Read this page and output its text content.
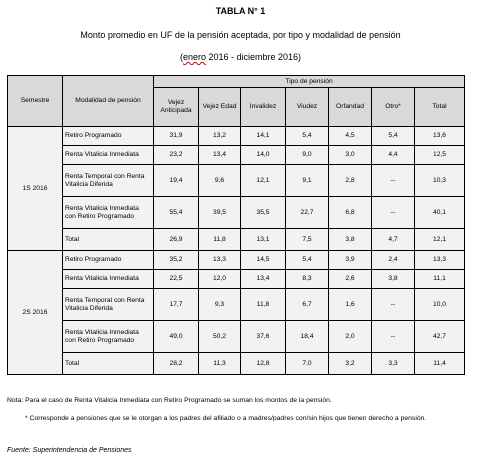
TABLA N° 1
Monto promedio en UF de la pensión aceptada, por tipo y modalidad de pensión
(enero 2016 - diciembre 2016)
Semestre	Modalidad de pensión	Tipo de pensión						
		Vejez Anticipada	Vejez Edad	Invalidez	Viudez	Orfandad	Otro*	Total
1S 2016	Retiro Programado	31,9	13,2	14,1	5,4	4,5	5,4	13,6
	Renta Vitalicia Inmediata	23,2	13,4	14,0	9,0	3,0	4,4	12,5
	Renta Temporal con Renta Vitalicia Diferida	19,4	9,6	12,1	9,1	2,8	--	10,3
	Renta Vitalicia Inmediata con Retiro Programado	55,4	39,5	35,5	22,7	6,8	--	40,1
	Total	26,9	11,8	13,1	7,5	3,8	4,7	12,1
2S 2016	Retiro Programado	35,2	13,3	14,5	5,4	3,9	2,4	13,3
	Renta Vitalicia Inmediata	22,5	12,0	13,4	8,3	2,6	3,8	11,1
	Renta Temporal con Renta Vitalicia Diferida	17,7	9,3	11,8	6,7	1,6	--	10,0
	Renta Vitalicia Inmediata con Retiro Programado	49,0	50,2	37,6	18,4	2,0	--	42,7
	Total	28,2	11,3	12,8	7,0	3,2	3,3	11,4
Nota: Para el caso de Renta Vitalicia Inmediata con Retiro Programado se suman los montos de la pensión.
* Corresponde a pensiones que se le otorgan a los padres del afiliado o a madres/padres con/sin hijos que tienen derecho a pensión.
Fuente: Superintendencia de Pensiones
